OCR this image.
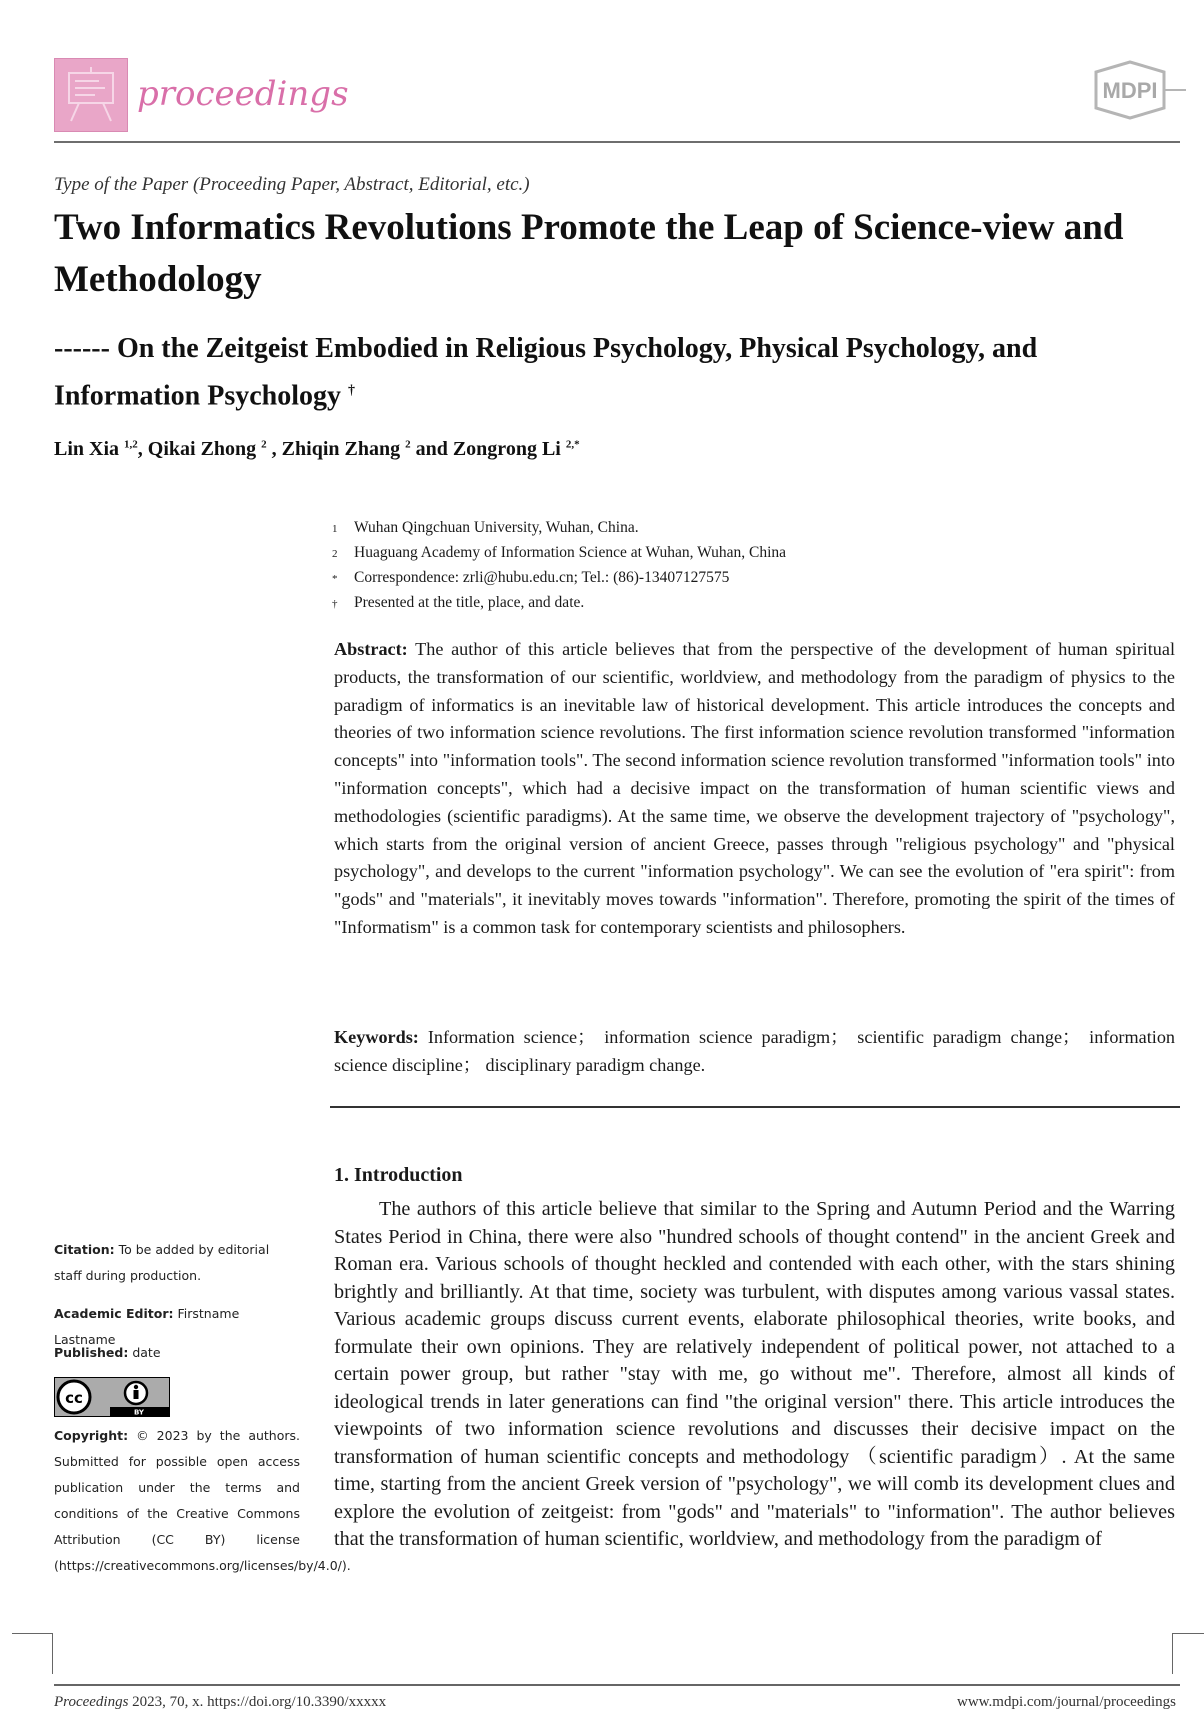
proceedings	MDPI
Type of the Paper (Proceeding Paper, Abstract, Editorial, etc.)
Two Informatics Revolutions Promote the Leap of Science-view and Methodology
------ On the Zeitgeist Embodied in Religious Psychology, Physical Psychology, and Information Psychology †
Lin Xia $^{1,2}$, Qikai Zhong $^2$ , Zhiqin Zhang $^2$ and Zongrong Li $^{2,*}$
1	Wuhan Qingchuan University, Wuhan, China.
2	Huaguang Academy of Information Science at Wuhan, Wuhan, China
*	Correspondence: zrli@hubu.edu.cn; Tel.: (86)-13407127575
†	Presented at the title, place, and date.

Abstract: The author of this article believes that from the perspective of the development of human spiritual products, the transformation of our scientific, worldview, and methodology from the paradigm of physics to the paradigm of informatics is an inevitable law of historical development. This article introduces the concepts and theories of two information science revolutions. The first information science revolution transformed "information concepts" into "information tools". The second information science revolution transformed "information tools" into "information concepts", which had a decisive impact on the transformation of human scientific views and methodologies (scientific paradigms). At the same time, we observe the development trajectory of "psychology", which starts from the original version of ancient Greece, passes through "religious psychology" and "physical psychology", and develops to the current "information psychology". We can see the evolution of "era spirit": from "gods" and "materials", it inevitably moves towards "information". Therefore, promoting the spirit of the times of "Informatism" is a common task for contemporary scientists and philosophers.

Keywords: Information science； information science paradigm； scientific paradigm change； information science discipline； disciplinary paradigm change.

1. Introduction

The authors of this article believe that similar to the Spring and Autumn Period and the Warring States Period in China, there were also "hundred schools of thought contend" in the ancient Greek and Roman era. Various schools of thought heckled and contended with each other, with the stars shining brightly and brilliantly. At that time, society was turbulent, with disputes among various vassal states. Various academic groups discuss current events, elaborate philosophical theories, write books, and formulate their own opinions. They are relatively independent of political power, not attached to a certain power group, but rather "stay with me, go without me". Therefore, almost all kinds of ideological trends in later generations can find "the original version" there. This article introduces the viewpoints of two information science revolutions and discusses their decisive impact on the transformation of human scientific concepts and methodology （scientific paradigm）. At the same time, starting from the ancient Greek version of "psychology", we will comb its development clues and explore the evolution of zeitgeist: from "gods" and "materials" to "information". The author believes that the transformation of human scientific, worldview, and methodology from the paradigm of

Citation: To be added by editorial staff during production.
Academic Editor: Firstname Lastname
Published: date
cc
BY
Copyright: © 2023 by the authors. Submitted for possible open access publication under the terms and conditions of the Creative Commons Attribution (CC BY) license (https://creativecommons.org/licenses/by/4.0/).
Proceedings 2023, 70, x. https://doi.org/10.3390/xxxxx	www.mdpi.com/journal/proceedings
